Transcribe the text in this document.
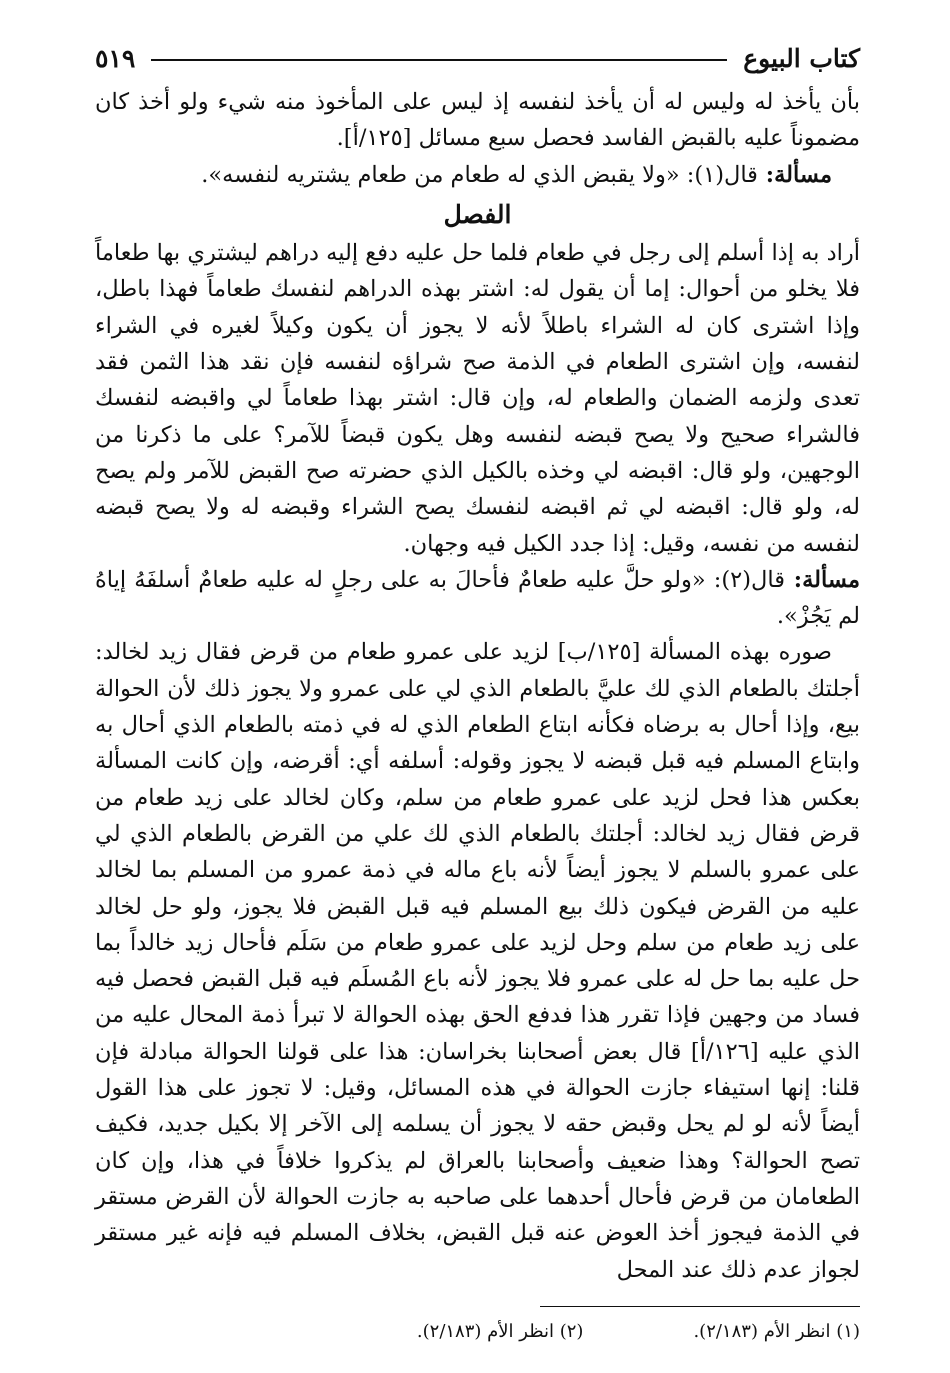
كتاب البيوع
٥١٩

بأن يأخذ له وليس له أن يأخذ لنفسه إذ ليس على المأخوذ منه شيء ولو أخذ كان مضموناً عليه بالقبض الفاسد فحصل سبع مسائل [١٢٥/أ].

مسألة: قال(١): «ولا يقبض الذي له طعام من طعام يشتريه لنفسه».

الفصل

أراد به إذا أسلم إلى رجل في طعام فلما حل عليه دفع إليه دراهم ليشتري بها طعاماً فلا يخلو من أحوال: إما أن يقول له: اشتر بهذه الدراهم لنفسك طعاماً فهذا باطل، وإذا اشترى كان له الشراء باطلاً لأنه لا يجوز أن يكون وكيلاً لغيره في الشراء لنفسه، وإن اشترى الطعام في الذمة صح شراؤه لنفسه فإن نقد هذا الثمن فقد تعدى ولزمه الضمان والطعام له، وإن قال: اشتر بهذا طعاماً لي واقبضه لنفسك فالشراء صحيح ولا يصح قبضه لنفسه وهل يكون قبضاً للآمر؟ على ما ذكرنا من الوجهين، ولو قال: اقبضه لي وخذه بالكيل الذي حضرته صح القبض للآمر ولم يصح له، ولو قال: اقبضه لي ثم اقبضه لنفسك يصح الشراء وقبضه له ولا يصح قبضه لنفسه من نفسه، وقيل: إذا جدد الكيل فيه وجهان.

مسألة: قال(٢): «ولو حلَّ عليه طعامٌ فأحالَ به على رجلٍ له عليه طعامٌ أسلفَهُ إياهُ لم يَجُزْ».

صوره بهذه المسألة [١٢٥/ب] لزيد على عمرو طعام من قرض فقال زيد لخالد: أجلتك بالطعام الذي لك عليَّ بالطعام الذي لي على عمرو ولا يجوز ذلك لأن الحوالة بيع، وإذا أحال به برضاه فكأنه ابتاع الطعام الذي له في ذمته بالطعام الذي أحال به وابتاع المسلم فيه قبل قبضه لا يجوز وقوله: أسلفه أي: أقرضه، وإن كانت المسألة بعكس هذا فحل لزيد على عمرو طعام من سلم، وكان لخالد على زيد طعام من قرض فقال زيد لخالد: أجلتك بالطعام الذي لك علي من القرض بالطعام الذي لي على عمرو بالسلم لا يجوز أيضاً لأنه باع ماله في ذمة عمرو من المسلم بما لخالد عليه من القرض فيكون ذلك بيع المسلم فيه قبل القبض فلا يجوز، ولو حل لخالد على زيد طعام من سلم وحل لزيد على عمرو طعام من سَلَم فأحال زيد خالداً بما حل عليه بما حل له على عمرو فلا يجوز لأنه باع المُسلَم فيه قبل القبض فحصل فيه فساد من وجهين فإذا تقرر هذا فدفع الحق بهذه الحوالة لا تبرأ ذمة المحال عليه من الذي عليه [١٢٦/أ] قال بعض أصحابنا بخراسان: هذا على قولنا الحوالة مبادلة فإن قلنا: إنها استيفاء جازت الحوالة في هذه المسائل، وقيل: لا تجوز على هذا القول أيضاً لأنه لو لم يحل وقبض حقه لا يجوز أن يسلمه إلى الآخر إلا بكيل جديد، فكيف تصح الحوالة؟ وهذا ضعيف وأصحابنا بالعراق لم يذكروا خلافاً في هذا، وإن كان الطعامان من قرض فأحال أحدهما على صاحبه به جازت الحوالة لأن القرض مستقر في الذمة فيجوز أخذ العوض عنه قبل القبض، بخلاف المسلم فيه فإنه غير مستقر لجواز عدم ذلك عند المحل

(١) انظر الأم (٢/١٨٣).
(٢) انظر الأم (٢/١٨٣).
